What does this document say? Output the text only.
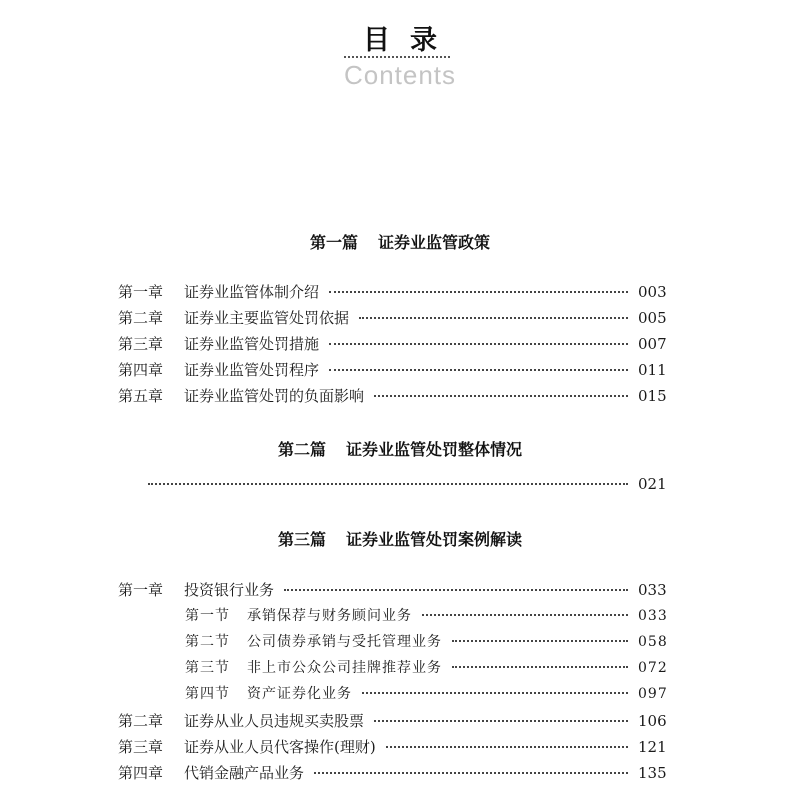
目录
Contents
第一篇 证券业监管政策
第一章	证券业监管体制介绍	003
第二章	证券业主要监管处罚依据	005
第三章	证券业监管处罚措施	007
第四章	证券业监管处罚程序	011
第五章	证券业监管处罚的负面影响	015
第二篇 证券业监管处罚整体情况
021
第三篇 证券业监管处罚案例解读
第一章	投资银行业务	033
第一节	承销保荐与财务顾问业务	033
第二节	公司债券承销与受托管理业务	058
第三节	非上市公众公司挂牌推荐业务	072
第四节	资产证券化业务	097
第二章	证券从业人员违规买卖股票	106
第三章	证券从业人员代客操作(理财)	121
第四章	代销金融产品业务	135
